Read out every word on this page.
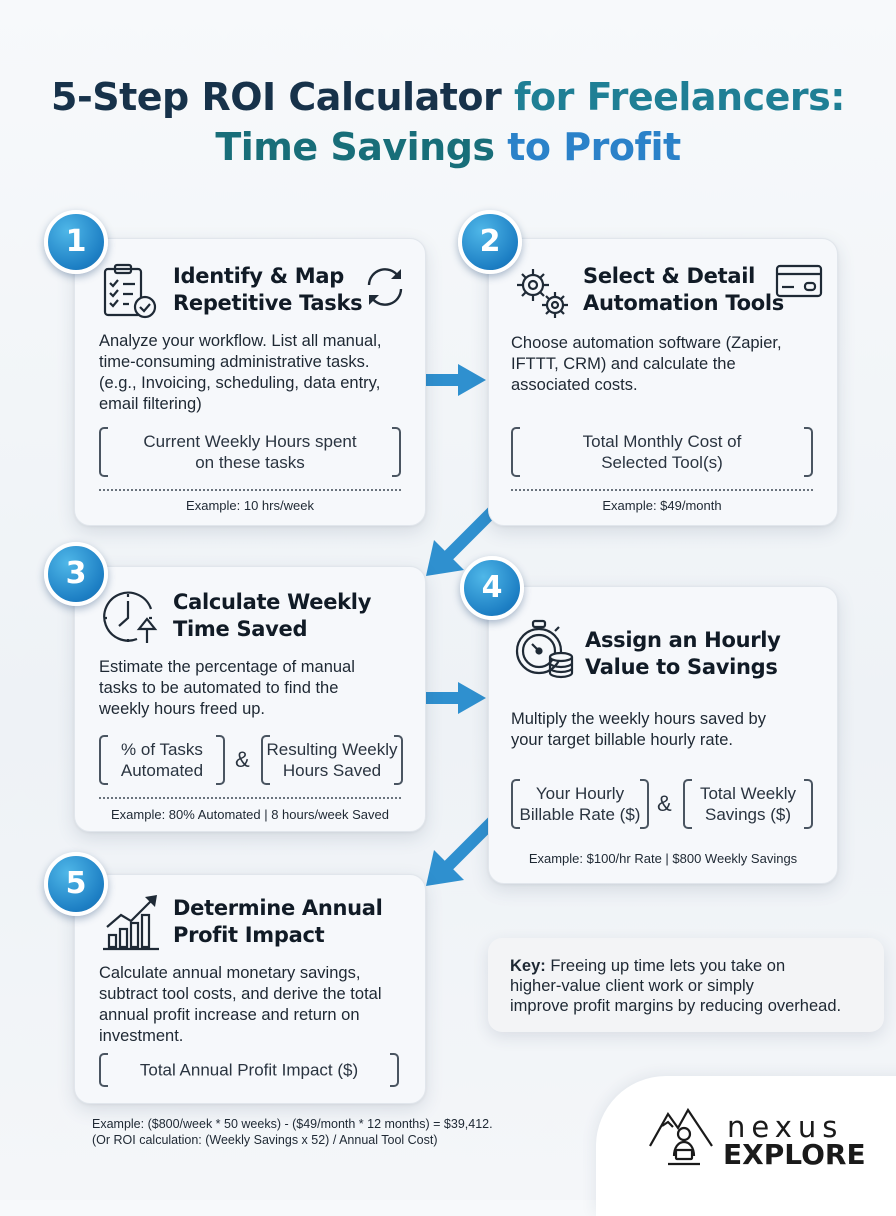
5-Step ROI Calculator for Freelancers:
Time Savings to Profit
Identify & Map
Repetitive Tasks
Analyze your workflow. List all manual,
time-consuming administrative tasks.
(e.g., Invoicing, scheduling, data entry,
email filtering)
Current Weekly Hours spent
on these tasks
Example: 10 hrs/week
1
Select & Detail
Automation Tools
Choose automation software (Zapier,
IFTTT, CRM) and calculate the
associated costs.
Total Monthly Cost of
Selected Tool(s)
Example: $49/month
2
Calculate Weekly
Time Saved
Estimate the percentage of manual
tasks to be automated to find the
weekly hours freed up.
% of Tasks
Automated	& Resulting Weekly
Hours Saved
Example: 80% Automated | 8 hours/week Saved
3
Assign an Hourly
Value to Savings
Multiply the weekly hours saved by
your target billable hourly rate.
Your Hourly
Billable Rate ($) &	Total Weekly
Savings ($)
Example: $100/hr Rate | $800 Weekly Savings
4
Determine Annual
Profit Impact
Calculate annual monetary savings,
subtract tool costs, and derive the total
annual profit increase and return on
investment.
Total Annual Profit Impact ($)
5
Key: Freeing up time lets you take on
higher-value client work or simply
improve profit margins by reducing overhead.
Example: ($800/week * 50 weeks) - ($49/month * 12 months) = $39,412.
(Or ROI calculation: (Weekly Savings x 52) / Annual Tool Cost)	nexus
EXPLORE
